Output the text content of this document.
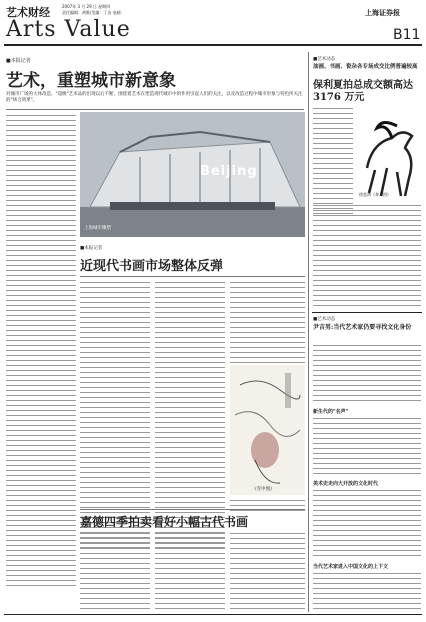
艺术财经
Arts Value
2007年 3 月 29 日 星期四
责任编辑：黄维/美编：丁洁 电邮：	上海证券报
B11
■本报记者
艺术，重塑城市新意象
对城市广场的大体改造、"超级"艺术品的出现以后不断，围绕着艺术在塑造现代城市中的作用引起人们的关注，以及改造过程中城市形象与特色所关注的"场合效果"。
Beijing
上海城市雕塑
■本报记者
近现代书画市场整体反弹
《雪中图》
嘉德四季拍卖看好小幅古代书画
■艺术动态
油画、书画、瓷杂各专场成交比例普遍较高
保利夏拍总成交额高达 3176 万元
徐悲鸿《奔马图》
■艺术动态
尹吉男:当代艺术家仍要寻找文化身份
新生代的"名声"
美术史走向大开放的文化时代
当代艺术家进入中国文化的上下文
